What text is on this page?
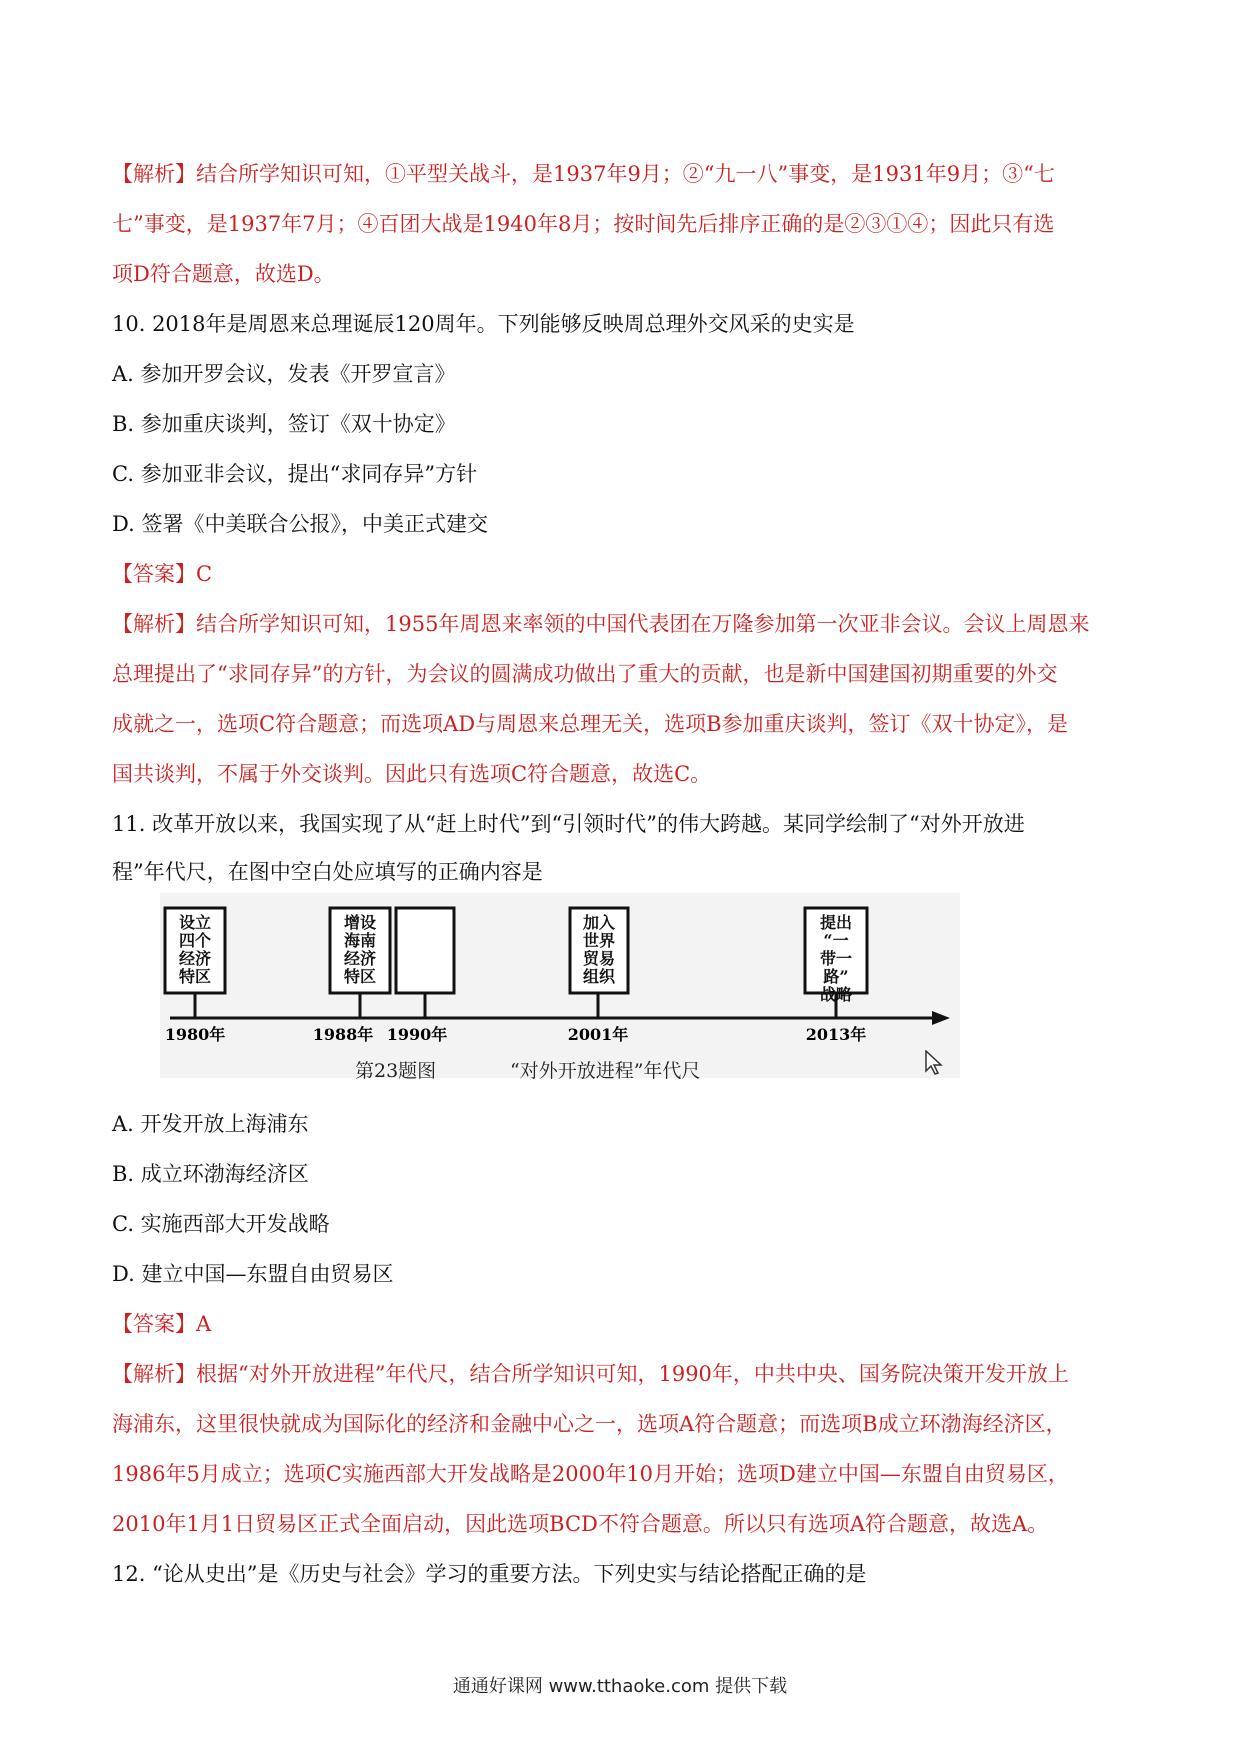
【解析】结合所学知识可知，①平型关战斗，是1937年9月；②“九一八”事变，是1931年9月；③“七
七”事变，是1937年7月；④百团大战是1940年8月；按时间先后排序正确的是②③①④；因此只有选
项D符合题意，故选D。
10. 2018年是周恩来总理诞辰120周年。下列能够反映周总理外交风采的史实是
A. 参加开罗会议，发表《开罗宣言》
B. 参加重庆谈判，签订《双十协定》
C. 参加亚非会议，提出“求同存异”方针
D. 签署《中美联合公报》，中美正式建交
【答案】C
【解析】结合所学知识可知，1955年周恩来率领的中国代表团在万隆参加第一次亚非会议。会议上周恩来
总理提出了“求同存异”的方针，为会议的圆满成功做出了重大的贡献，也是新中国建国初期重要的外交
成就之一，选项C符合题意；而选项AD与周恩来总理无关，选项B参加重庆谈判，签订《双十协定》，是
国共谈判，不属于外交谈判。因此只有选项C符合题意，故选C。
11. 改革开放以来，我国实现了从“赶上时代”到“引领时代”的伟大跨越。某同学绘制了“对外开放进
程”年代尺，在图中空白处应填写的正确内容是
设立四个经济特区
增设海南经济特区
加入世界贸易组织
提出“一带一路”战略
1980年	1988年 1990年	2001年	2013年
第23题图	“对外开放进程”年代尺
A. 开发开放上海浦东
B. 成立环渤海经济区
C. 实施西部大开发战略
D. 建立中国—东盟自由贸易区
【答案】A
【解析】根据“对外开放进程”年代尺，结合所学知识可知，1990年，中共中央、国务院决策开发开放上
海浦东，这里很快就成为国际化的经济和金融中心之一，选项A符合题意；而选项B成立环渤海经济区，
1986年5月成立；选项C实施西部大开发战略是2000年10月开始；选项D建立中国—东盟自由贸易区，
2010年1月1日贸易区正式全面启动，因此选项BCD不符合题意。所以只有选项A符合题意，故选A。
12. “论从史出”是《历史与社会》学习的重要方法。下列史实与结论搭配正确的是
通通好课网 www.tthaoke.com 提供下载
